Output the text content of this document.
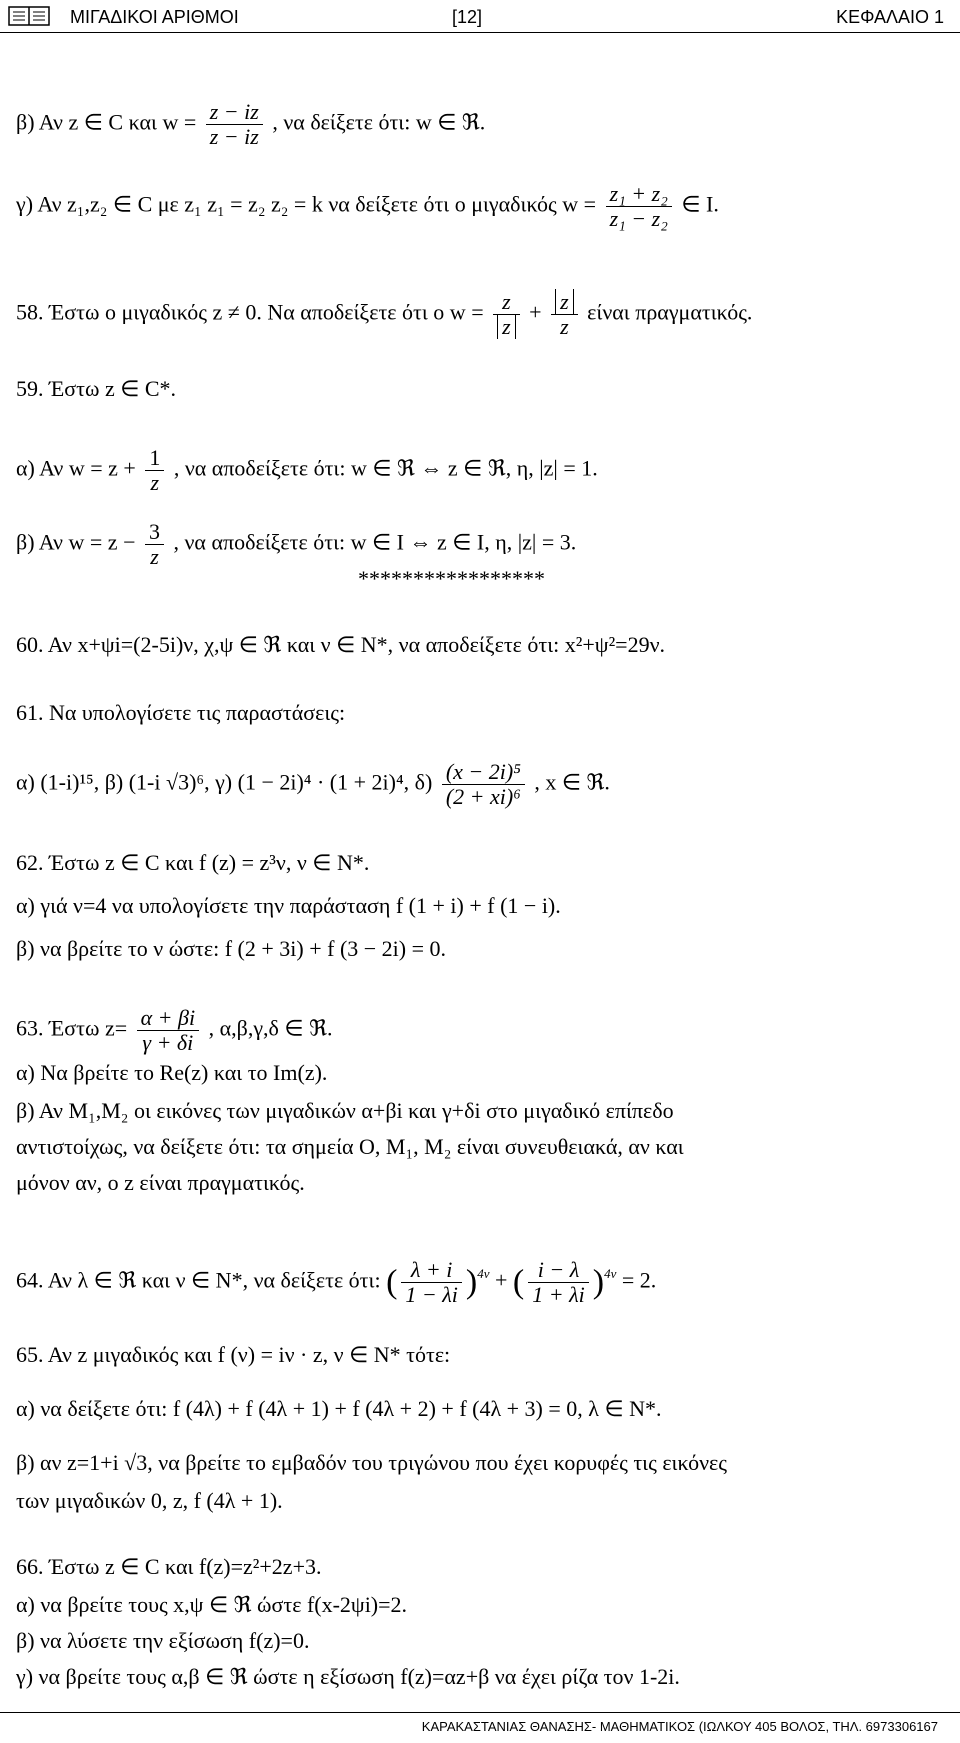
ΜΙΓΑΔΙΚΟΙ ΑΡΙΘΜΟΙ	[12]	ΚΕΦΑΛΑΙΟ 1
β) Αν z ∈ C και $w = \frac{z - iz}{z - iz}$ , να δείξετε ότι: w ∈ ℜ.
γ) Αν z₁,z₂ ∈ C με z₁ z₁ = z₂ z₂ = k να δείξετε ότι ο μιγαδικός $w = \frac{\text{z₁ + z₂}}{\text{z₁ − z₂}}$ ∈ I.
58. Έστω ο μιγαδικός z ≠ 0. Να αποδείξετε ότι ο $w = \frac{z}{z} + \frac{z}{z}$ είναι πραγματικός.
59. Έστω z ∈ C*.
α) Αν $w = z + \frac{1}{z}$ , να αποδείξετε ότι: w ∈ ℜ ⇔ z ∈ ℜ, η, |z| = 1.
β) Αν $w = z - \frac{3}{z}$ , να αποδείξετε ότι: w ∈ I ⇔ z ∈ I, η, |z| = 3.
*****************
60. Αν x+ψi=(2-5i)ν, χ,ψ ∈ ℜ και ν ∈ N*, να αποδείξετε ότι: x²+ψ²=29ν.
61. Να υπολογίσετε τις παραστάσεις:
α) (1-i)¹⁵, β) (1-i √3)⁶, γ) (1 − 2i)⁴ · (1 + 2i)⁴, $\delta) \frac{\text{(x − 2i)⁵}}{\text{(2 + xi)⁶}}$ , x ∈ ℜ.
62. Έστω z ∈ C και f (z) = z³ν, ν ∈ N*.
α) γιά ν=4 να υπολογίσετε την παράσταση f (1 + i) + f (1 − i).
β) να βρείτε το ν ώστε: f (2 + 3i) + f (3 − 2i) = 0.
63. Έστω $z= \frac{\alpha + \beta i}{\gamma + \delta i}$ , α,β,γ,δ ∈ ℜ.
α) Να βρείτε το Re(z) και το Im(z).
β) Αν Μ₁,Μ₂ οι εικόνες των μιγαδικών α+βi και γ+δi στο μιγαδικό επίπεδο
αντιστοίχως, να δείξετε ότι: τα σημεία Ο, Μ₁, Μ₂ είναι συνευθειακά, αν και
μόνον αν, ο z είναι πραγματικός.
64. Αν λ ∈ ℜ και ν ∈ N*, να δείξετε ότι: ( $\frac{\lambda + i}{1 - \lambda i} )^{4\nu}$ + ( $\frac{i - \lambda}{1 + \lambda i} )^{4\nu} = 2$.
65. Αν z μιγαδικός και f (ν) = iν · z, ν ∈ N* τότε:
α) να δείξετε ότι: f (4λ) + f (4λ + 1) + f (4λ + 2) + f (4λ + 3) = 0, λ ∈ N*.
β) αν z=1+i √3, να βρείτε το εμβαδόν του τριγώνου που έχει κορυφές τις εικόνες
των μιγαδικών 0, z, f (4λ + 1).
66. Έστω z ∈ C και f(z)=z²+2z+3.
α) να βρείτε τους x,ψ ∈ ℜ ώστε f(x-2ψi)=2.
β) να λύσετε την εξίσωση f(z)=0.
γ) να βρείτε τους α,β ∈ ℜ ώστε η εξίσωση f(z)=αz+β να έχει ρίζα τον 1-2i.
ΚΑΡΑΚΑΣΤΑΝΙΑΣ ΘΑΝΑΣΗΣ- ΜΑΘΗΜΑΤΙΚΟΣ (ΙΩΛΚΟΥ 405 ΒΟΛΟΣ, ΤΗΛ. 6973306167
